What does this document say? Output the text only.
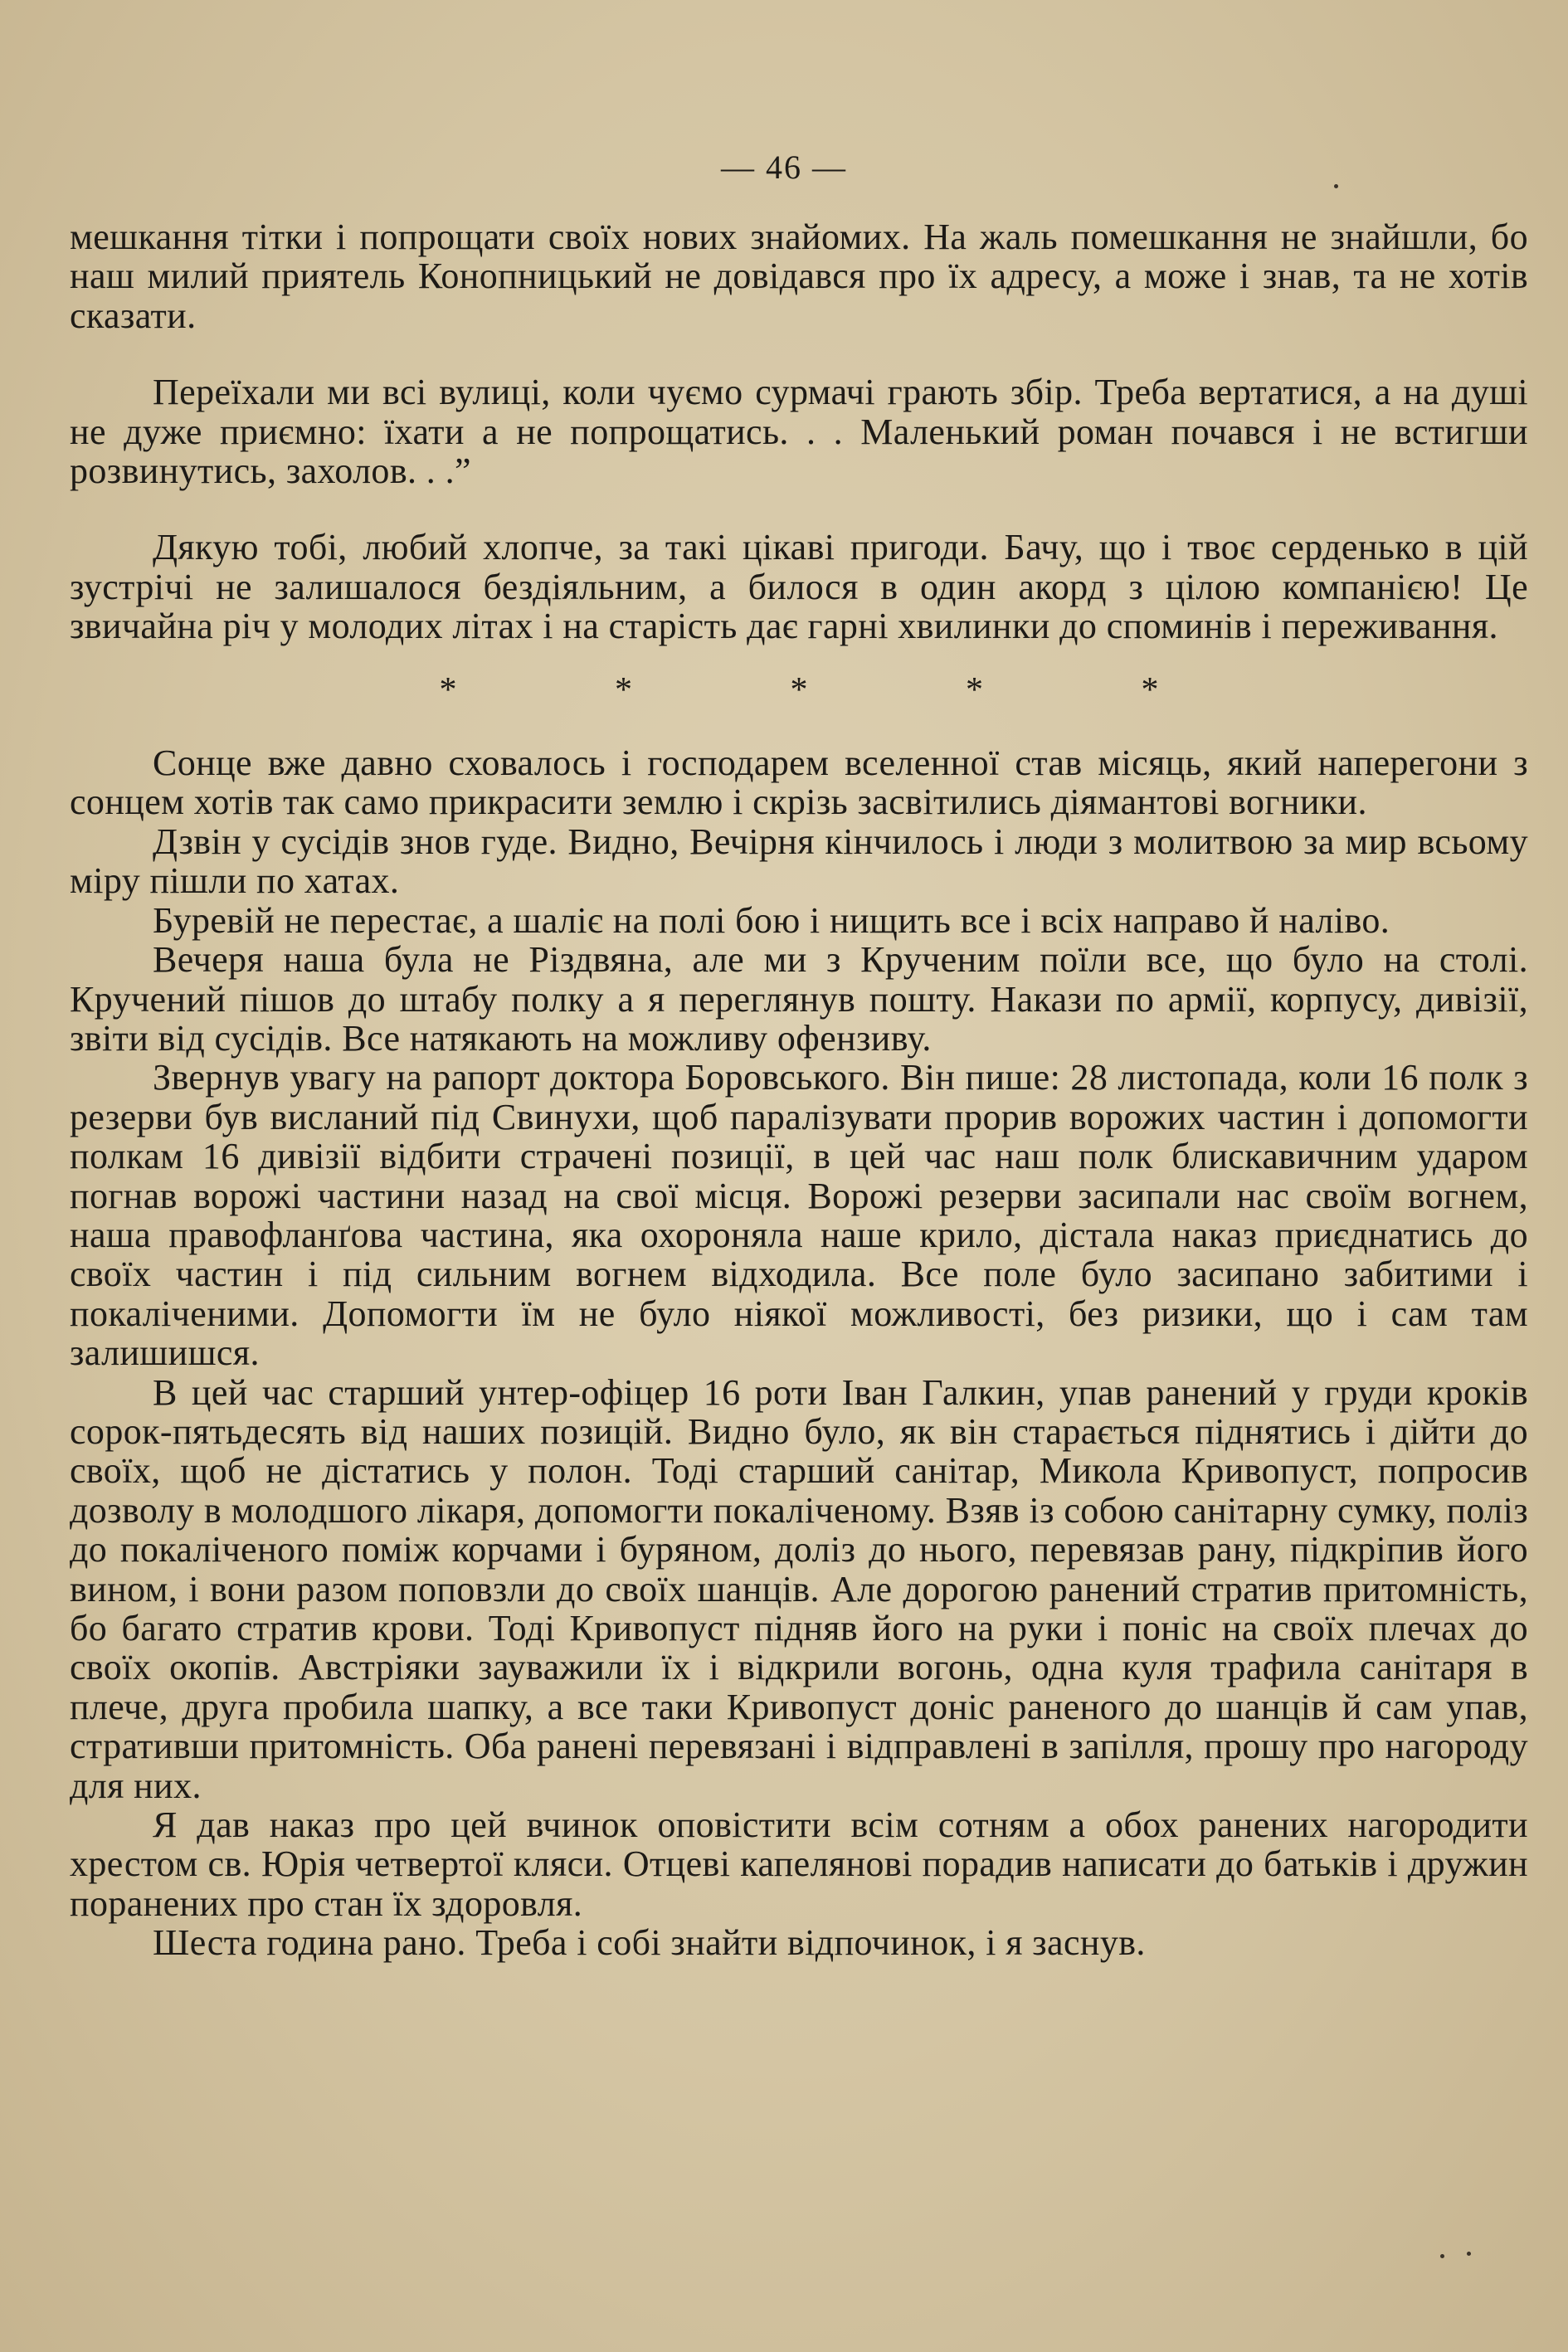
— 46 —

мешкання тітки і попрощати своїх нових знайомих. На жаль помешкання не знайшли, бо наш милий приятель Конопницький не довідався про їх адресу, а може і знав, та не хотів сказати.

Переїхали ми всі вулиці, коли чуємо сурмачі грають збір. Треба вертатися, а на душі не дуже приємно: їхати а не попрощатись. . . Маленький роман почався і не встигши розвинутись, захолов. . .”

Дякую тобі, любий хлопче, за такі цікаві пригоди. Бачу, що і твоє серденько в цій зустрічі не залишалося бездіяльним, а билося в один акорд з цілою компанією! Це звичайна річ у молодих літах і на старість дає гарні хвилинки до споминів і переживання.

* * * * *

Сонце вже давно сховалось і господарем вселенної став місяць, який наперегони з сонцем хотів так само прикрасити землю і скрізь засвітились діямантові вогники.

Дзвін у сусідів знов гуде. Видно, Вечірня кінчилось і люди з молитвою за мир всьому міру пішли по хатах.

Буревій не перестає, а шаліє на полі бою і нищить все і всіх направо й наліво.

Вечеря наша була не Різдвяна, але ми з Крученим поїли все, що було на столі. Кручений пішов до штабу полку а я переглянув пошту. Накази по армії, корпусу, дивізії, звіти від сусідів. Все натякають на можливу офензиву.

Звернув увагу на рапорт доктора Боровського. Він пише: 28 листопада, коли 16 полк з резерви був висланий під Свинухи, щоб паралізувати прорив ворожих частин і допомогти полкам 16 дивізії відбити страчені позиції, в цей час наш полк блискавичним ударом погнав ворожі частини назад на свої місця. Ворожі резерви засипали нас своїм вогнем, наша правофланґова частина, яка охороняла наше крило, дістала наказ приєднатись до своїх частин і під сильним вогнем відходила. Все поле було засипано забитими і покаліченими. Допомогти їм не було ніякої можливості, без ризики, що і сам там залишишся.

В цей час старший унтер-офіцер 16 роти Іван Галкин, упав ранений у груди кроків сорок-пятьдесять від наших позицій. Видно було, як він старається піднятись і дійти до своїх, щоб не дістатись у полон. Тоді старший санітар, Микола Кривопуст, попросив дозволу в молодшого лікаря, допомогти покаліченому. Взяв із собою санітарну сумку, поліз до покаліченого поміж корчами і буряном, доліз до нього, перевязав рану, підкріпив його вином, і вони разом поповзли до своїх шанців. Але дорогою ранений стратив притомність, бо багато стратив крови. Тоді Кривопуст підняв його на руки і поніс на своїх плечах до своїх окопів. Австріяки зауважили їх і відкрили вогонь, одна куля трафила санітаря в плече, друга пробила шапку, а все таки Кривопуст доніс раненого до шанців й сам упав, стративши притомність. Оба ранені перевязані і відправлені в запілля, прошу про нагороду для них.

Я дав наказ про цей вчинок оповістити всім сотням а обох ранених нагородити хрестом св. Юрія четвертої кляси. Отцеві капелянові порадив написати до батьків і дружин поранених про стан їх здоровля.

Шеста година рано. Треба і собі знайти відпочинок, і я заснув.
